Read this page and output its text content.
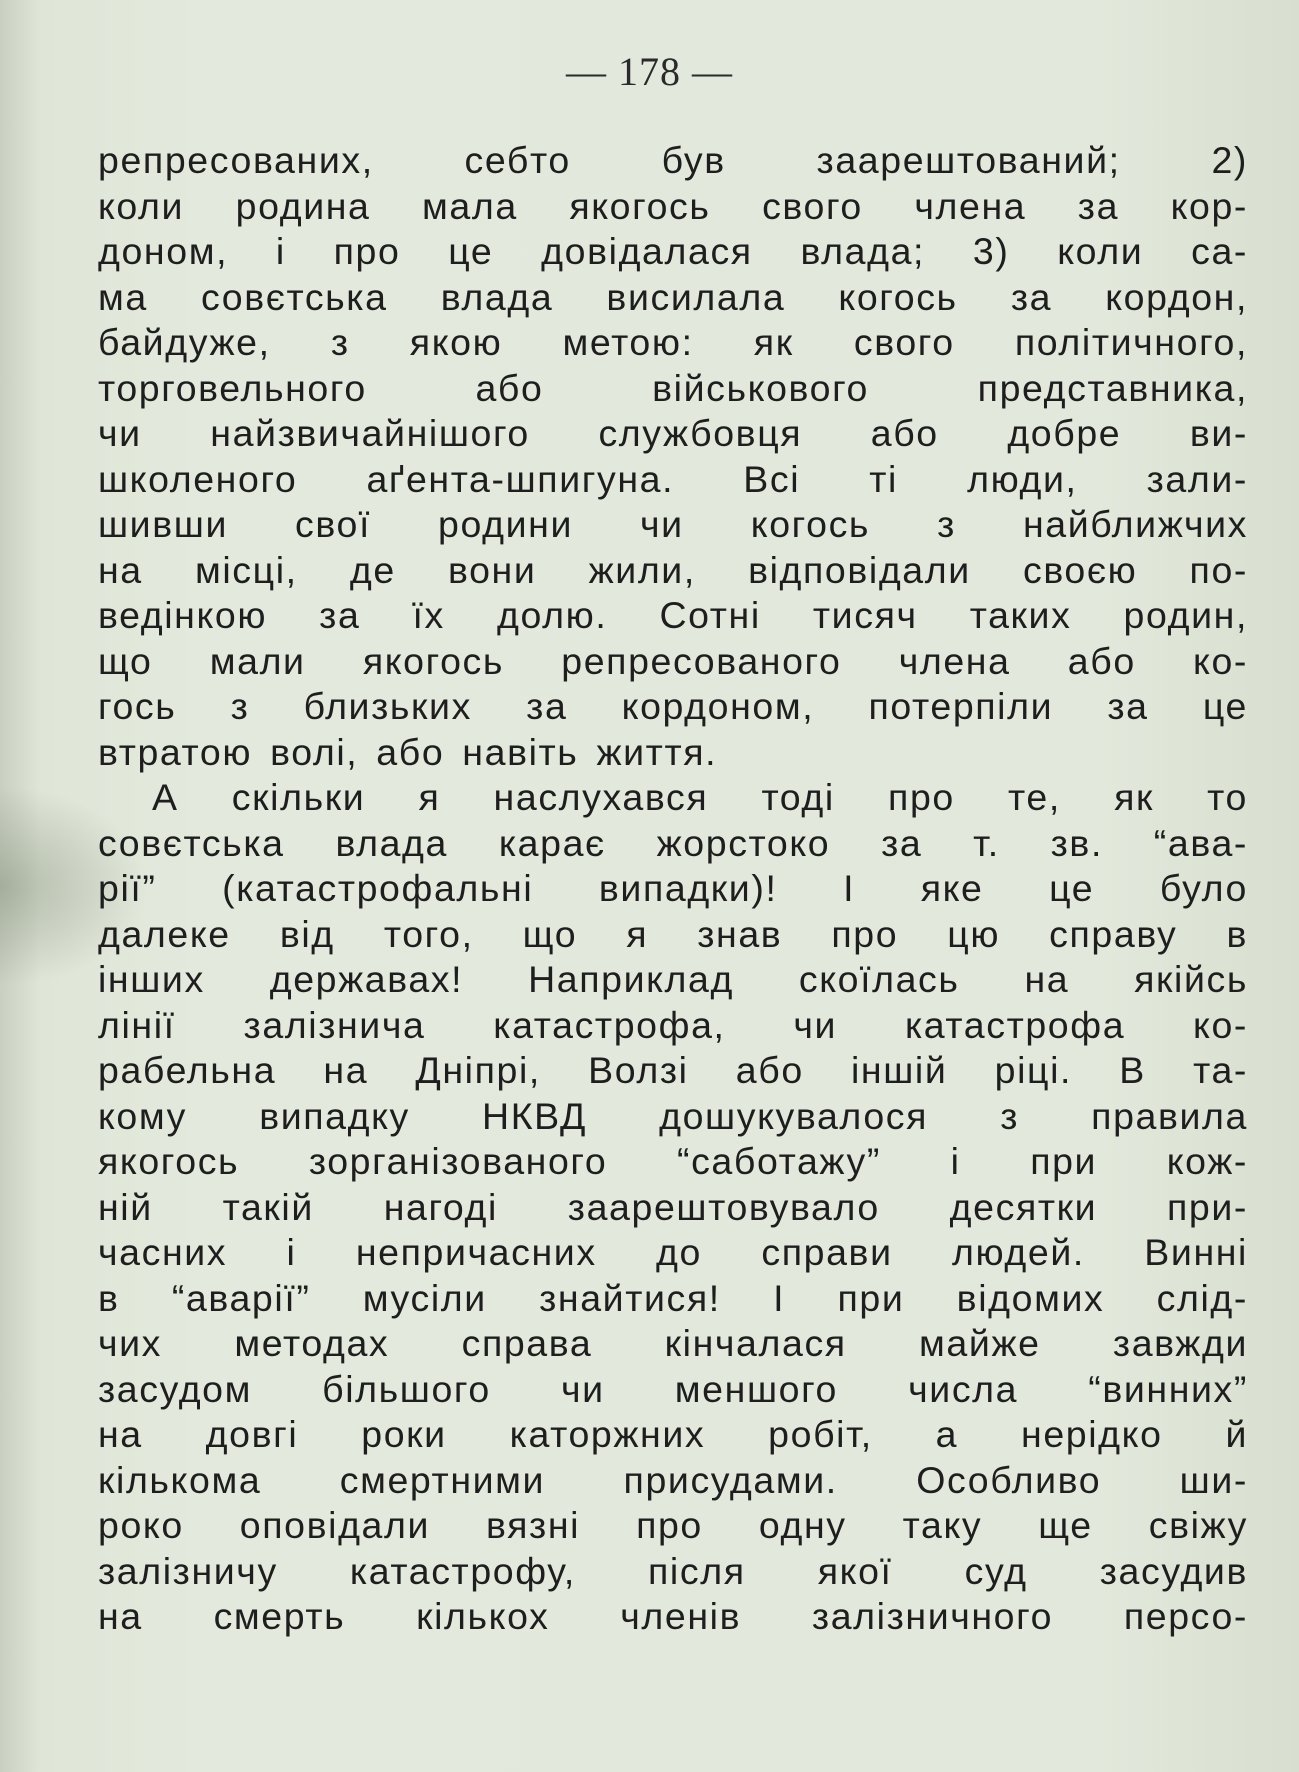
— 178 —
репресованих, себто був заарештований; 2)
коли родина мала якогось свого члена за кор-
доном, і про це довідалася влада; 3) коли са-
ма совєтська влада висилала когось за кордон,
байдуже, з якою метою: як свого політичного,
торговельного або військового представника,
чи найзвичайнішого службовця або добре ви-
школеного аґента-шпигуна. Всі ті люди, зали-
шивши свої родини чи когось з найближчих
на місці, де вони жили, відповідали своєю по-
ведінкою за їх долю. Сотні тисяч таких родин,
що мали якогось репресованого члена або ко-
гось з близьких за кордоном, потерпіли за це
втратою волі, або навіть життя.
А скільки я наслухався тоді про те, як то
совєтська влада карає жорстоко за т. зв. “ава-
рії” (катастрофальні випадки)! І яке це було
далеке від того, що я знав про цю справу в
інших державах! Наприклад скоїлась на якійсь
лінії залізнича катастрофа, чи катастрофа ко-
рабельна на Дніпрі, Волзі або іншій ріці. В та-
кому випадку НКВД дошукувалося з правила
якогось зорганізованого “саботажу” і при кож-
ній такій нагоді заарештовувало десятки при-
часних і непричасних до справи людей. Винні
в “аварії” мусіли знайтися! І при відомих слід-
чих методах справа кінчалася майже завжди
засудом більшого чи меншого числа “винних”
на довгі роки каторжних робіт, а нерідко й
кількома смертними присудами. Особливо ши-
роко оповідали вязні про одну таку ще свіжу
залізничу катастрофу, після якої суд засудив
на смерть кількох членів залізничного персо-
